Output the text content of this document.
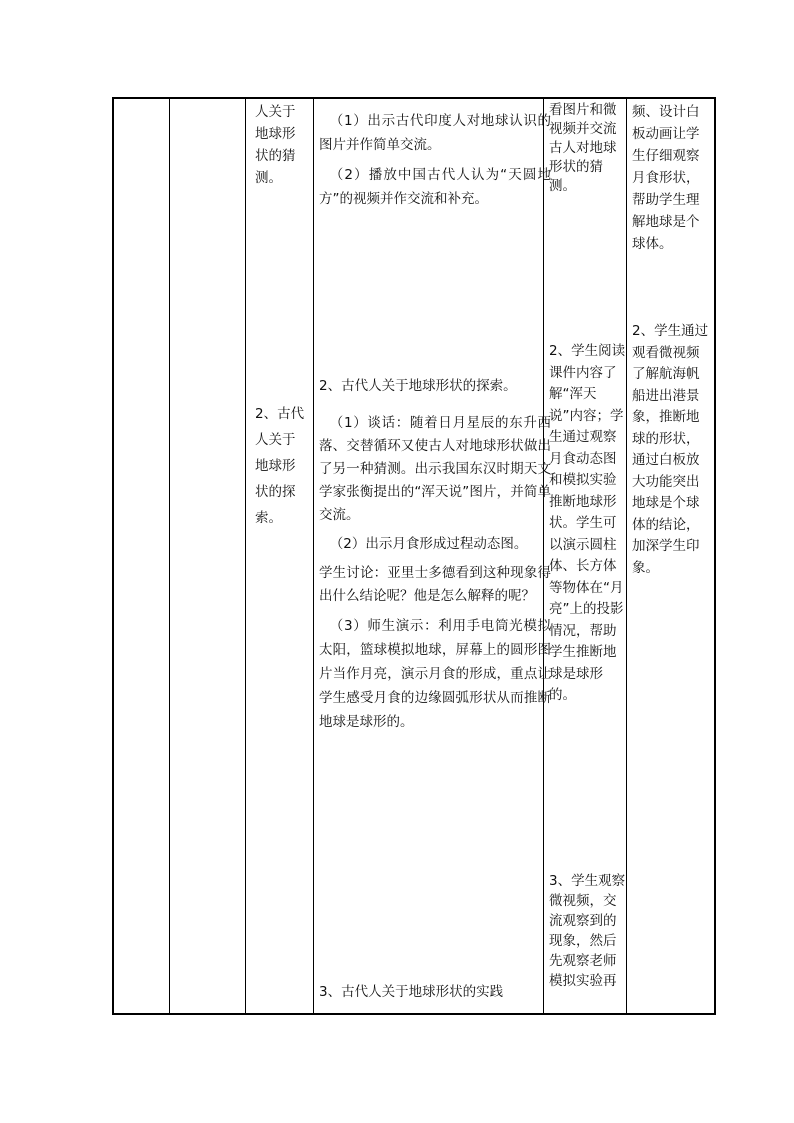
人关于地球形状的猜测。
2、古代人关于地球形状的探索。

（1）出示古代印度人对地球认识的图片并作简单交流。

（2）播放中国古代人认为“天圆地方”的视频并作交流和补充。

2、古代人关于地球形状的探索。

（1）谈话：随着日月星辰的东升西落、交替循环又使古人对地球形状做出了另一种猜测。出示我国东汉时期天文学家张衡提出的“浑天说”图片，并简单交流。

（2）出示月食形成过程动态图。

学生讨论：亚里士多德看到这种现象得出什么结论呢？他是怎么解释的呢？

（3）师生演示：利用手电筒光模拟太阳，篮球模拟地球，屏幕上的圆形图片当作月亮，演示月食的形成，重点让学生感受月食的边缘圆弧形状从而推断地球是球形的。

3、古代人关于地球形状的实践
看图片和微视频并交流古人对地球形状的猜测。
2、学生阅读课件内容了解“浑天说”内容；学生通过观察月食动态图和模拟实验推断地球形状。学生可以演示圆柱体、长方体等物体在“月亮”上的投影情况，帮助学生推断地球是球形的。
3、学生观察微视频，交流观察到的现象，然后先观察老师模拟实验再
频、设计白板动画让学生仔细观察月食形状，帮助学生理解地球是个球体。
2、学生通过观看微视频了解航海帆船进出港景象，推断地球的形状，通过白板放大功能突出地球是个球体的结论，加深学生印象。
